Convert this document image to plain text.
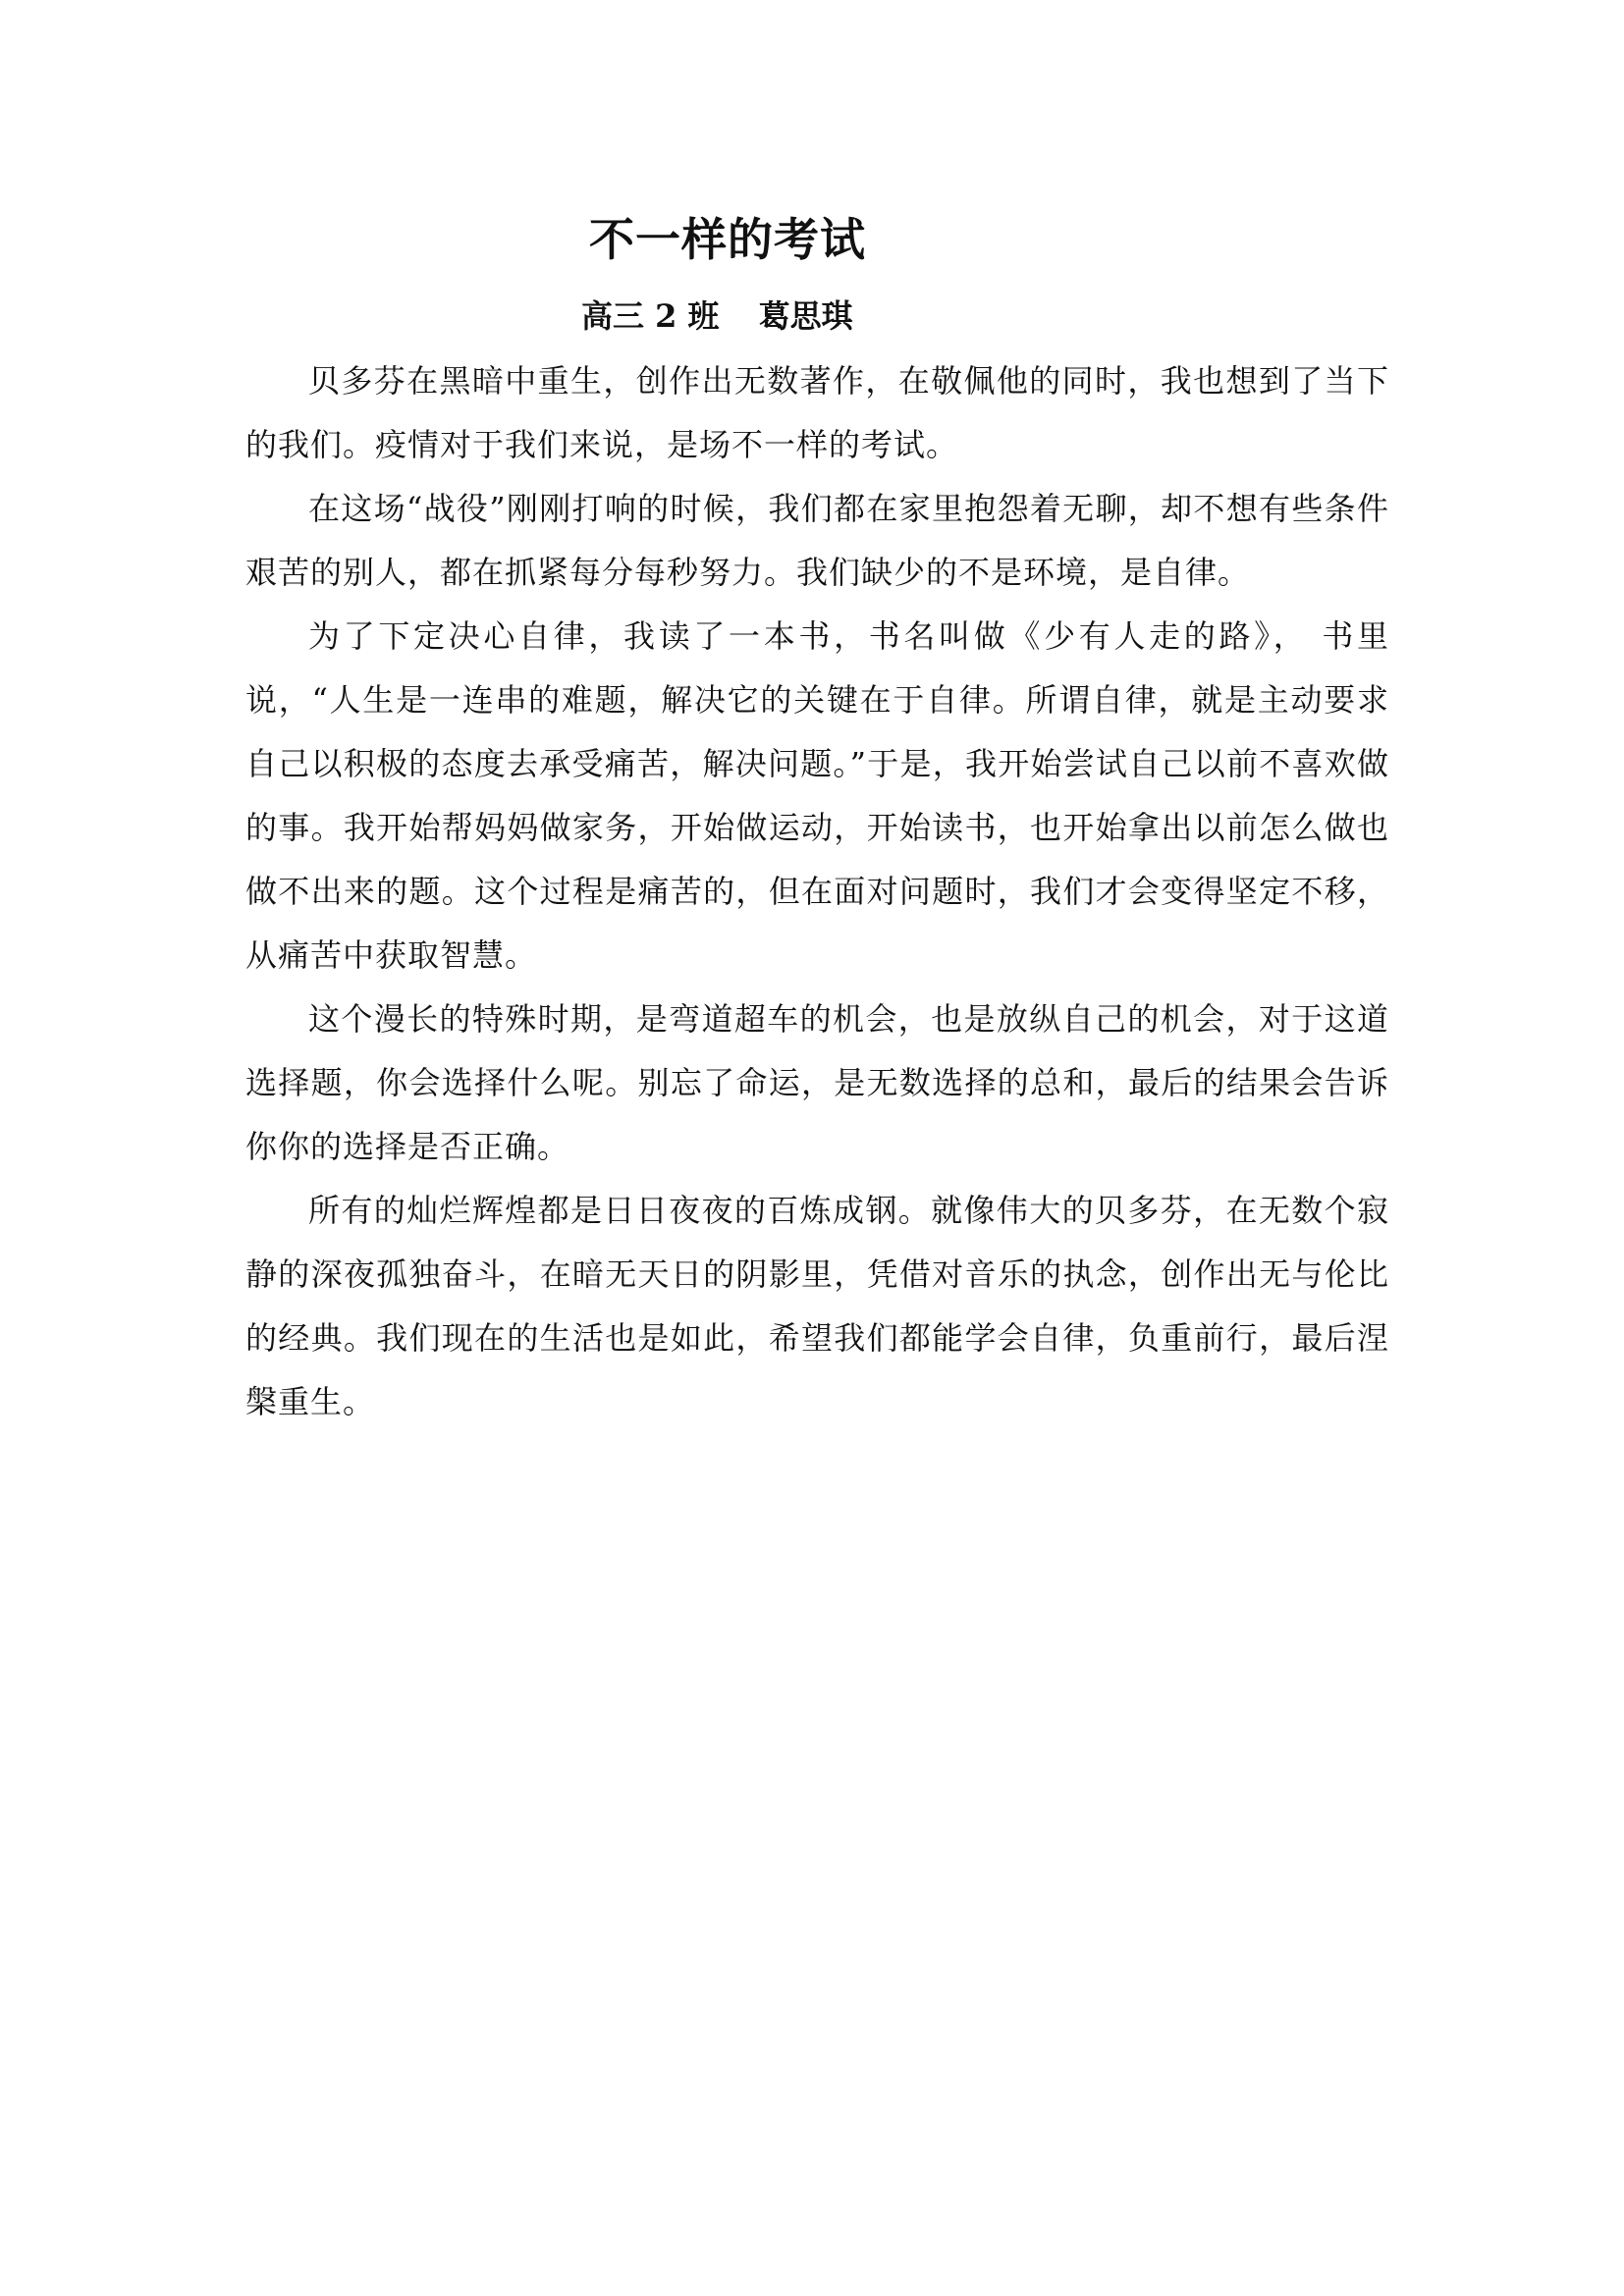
不一样的考试
高三 2 班 葛思琪

贝多芬在黑暗中重生，创作出无数著作，在敬佩他的同时，我也想到了当下的我们。疫情对于我们来说，是场不一样的考试。

在这场“战役”刚刚打响的时候，我们都在家里抱怨着无聊，却不想有些条件艰苦的别人，都在抓紧每分每秒努力。我们缺少的不是环境，是自律。

为了下定决心自律，我读了一本书，书名叫做《少有人走的路》， 书里说，“人生是一连串的难题，解决它的关键在于自律。所谓自律，就是主动要求自己以积极的态度去承受痛苦，解决问题。”于是，我开始尝试自己以前不喜欢做的事。我开始帮妈妈做家务，开始做运动，开始读书，也开始拿出以前怎么做也做不出来的题。这个过程是痛苦的，但在面对问题时，我们才会变得坚定不移，从痛苦中获取智慧。

这个漫长的特殊时期，是弯道超车的机会，也是放纵自己的机会，对于这道选择题，你会选择什么呢。别忘了命运，是无数选择的总和，最后的结果会告诉你你的选择是否正确。

所有的灿烂辉煌都是日日夜夜的百炼成钢。就像伟大的贝多芬，在无数个寂静的深夜孤独奋斗，在暗无天日的阴影里，凭借对音乐的执念，创作出无与伦比的经典。我们现在的生活也是如此，希望我们都能学会自律，负重前行，最后涅槃重生。
